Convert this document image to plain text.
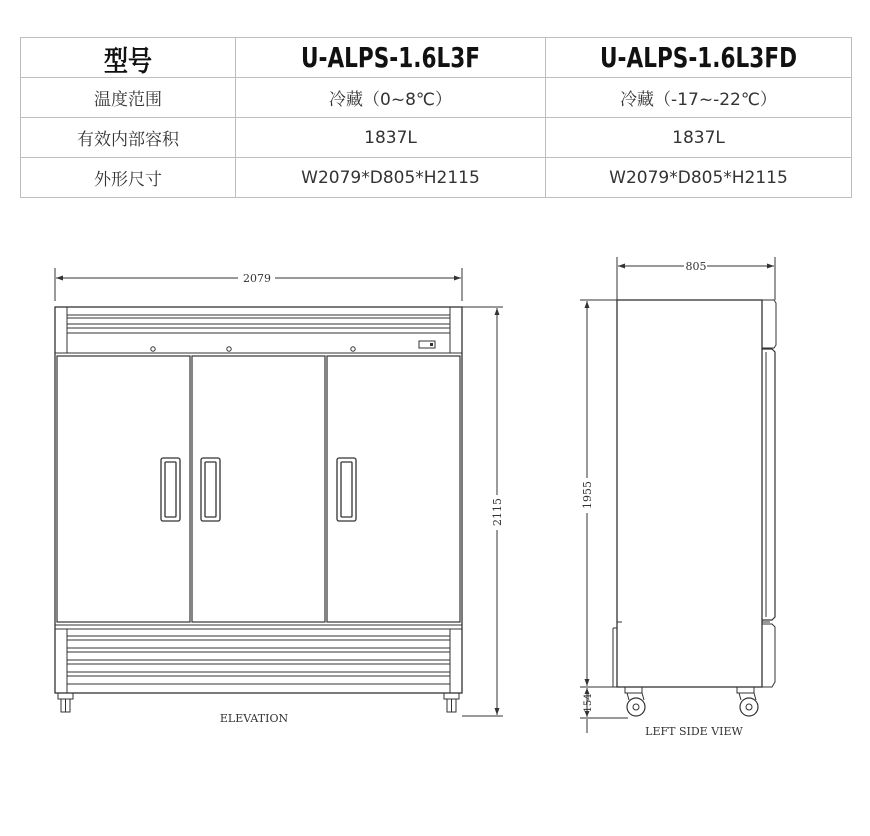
型号	U-ALPS-1.6L3F	U-ALPS-1.6L3FD
温度范围	冷藏（0~8℃）	冷藏（-17~-22℃）
有效内部容积	1837L	1837L
外形尺寸	W2079*D805*H2115	W2079*D805*H2115
2079
2115
ELEVATION
805
1955
154
LEFT SIDE VIEW
